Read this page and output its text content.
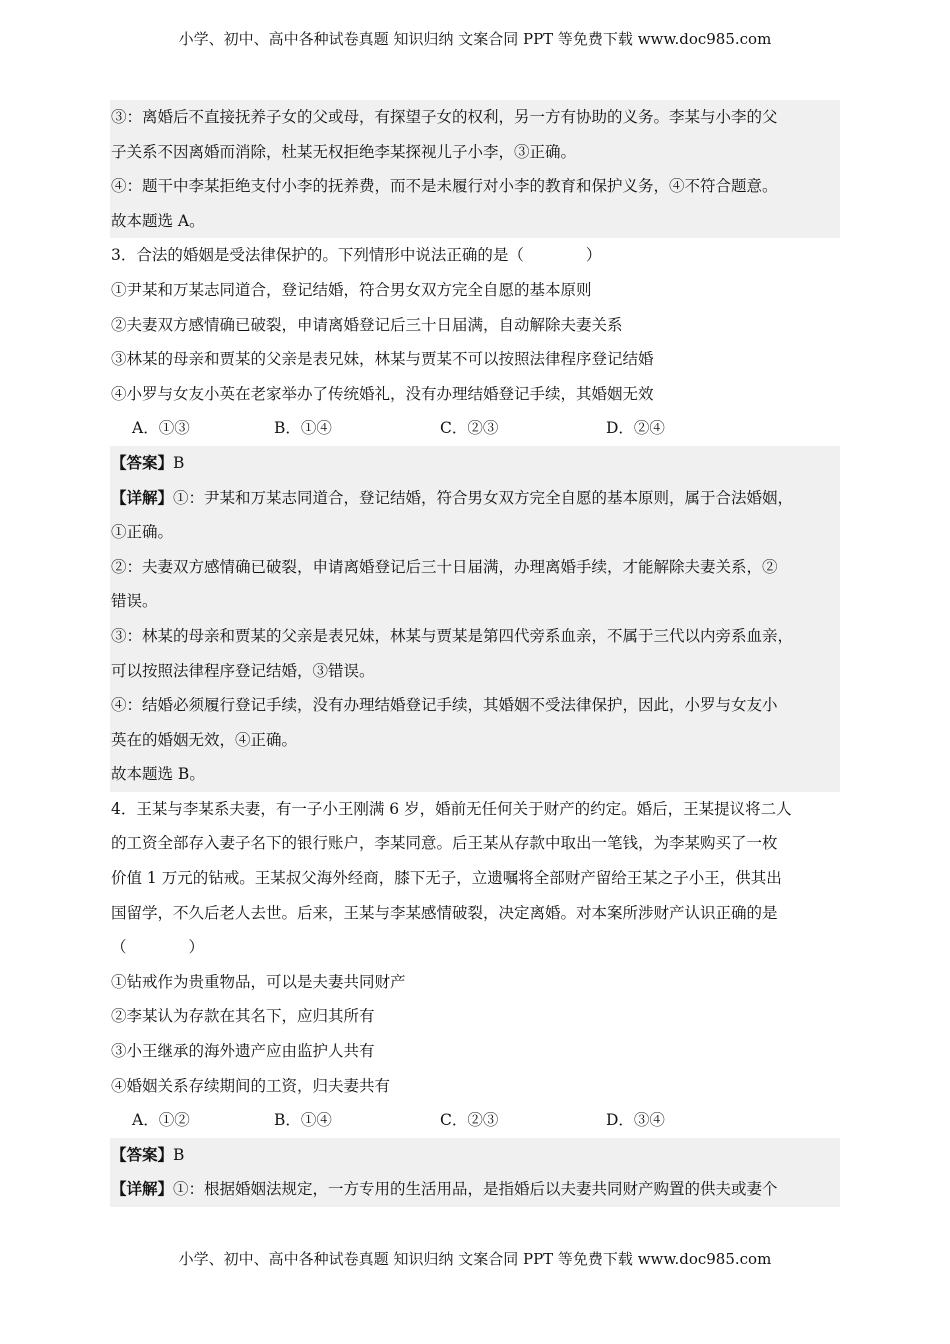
小学、初中、高中各种试卷真题 知识归纳 文案合同 PPT 等免费下载 www.doc985.com
③：离婚后不直接抚养子女的父或母，有探望子女的权利，另一方有协助的义务。李某与小李的父
子关系不因离婚而消除，杜某无权拒绝李某探视儿子小李，③正确。
④：题干中李某拒绝支付小李的抚养费，而不是未履行对小李的教育和保护义务，④不符合题意。
故本题选 A。
3．合法的婚姻是受法律保护的。下列情形中说法正确的是（　　　　）
①尹某和万某志同道合，登记结婚，符合男女双方完全自愿的基本原则
②夫妻双方感情确已破裂，申请离婚登记后三十日届满，自动解除夫妻关系
③林某的母亲和贾某的父亲是表兄妹，林某与贾某不可以按照法律程序登记结婚
④小罗与女友小英在老家举办了传统婚礼，没有办理结婚登记手续，其婚姻无效
A．①③	B．①④	C．②③	D．②④
【答案】B
【详解】①：尹某和万某志同道合，登记结婚，符合男女双方完全自愿的基本原则，属于合法婚姻，
①正确。
②：夫妻双方感情确已破裂，申请离婚登记后三十日届满，办理离婚手续，才能解除夫妻关系，②
错误。
③：林某的母亲和贾某的父亲是表兄妹，林某与贾某是第四代旁系血亲，不属于三代以内旁系血亲，
可以按照法律程序登记结婚，③错误。
④：结婚必须履行登记手续，没有办理结婚登记手续，其婚姻不受法律保护，因此，小罗与女友小
英在的婚姻无效，④正确。
故本题选 B。
4．王某与李某系夫妻，有一子小王刚满 6 岁，婚前无任何关于财产的约定。婚后，王某提议将二人
的工资全部存入妻子名下的银行账户，李某同意。后王某从存款中取出一笔钱，为李某购买了一枚
价值 1 万元的钻戒。王某叔父海外经商，膝下无子，立遗嘱将全部财产留给王某之子小王，供其出
国留学，不久后老人去世。后来，王某与李某感情破裂，决定离婚。对本案所涉财产认识正确的是
（　　　　）
①钻戒作为贵重物品，可以是夫妻共同财产
②李某认为存款在其名下，应归其所有
③小王继承的海外遗产应由监护人共有
④婚姻关系存续期间的工资，归夫妻共有
A．①②	B．①④	C．②③	D．③④
【答案】B
【详解】①：根据婚姻法规定，一方专用的生活用品，是指婚后以夫妻共同财产购置的供夫或妻个
小学、初中、高中各种试卷真题 知识归纳 文案合同 PPT 等免费下载 www.doc985.com
